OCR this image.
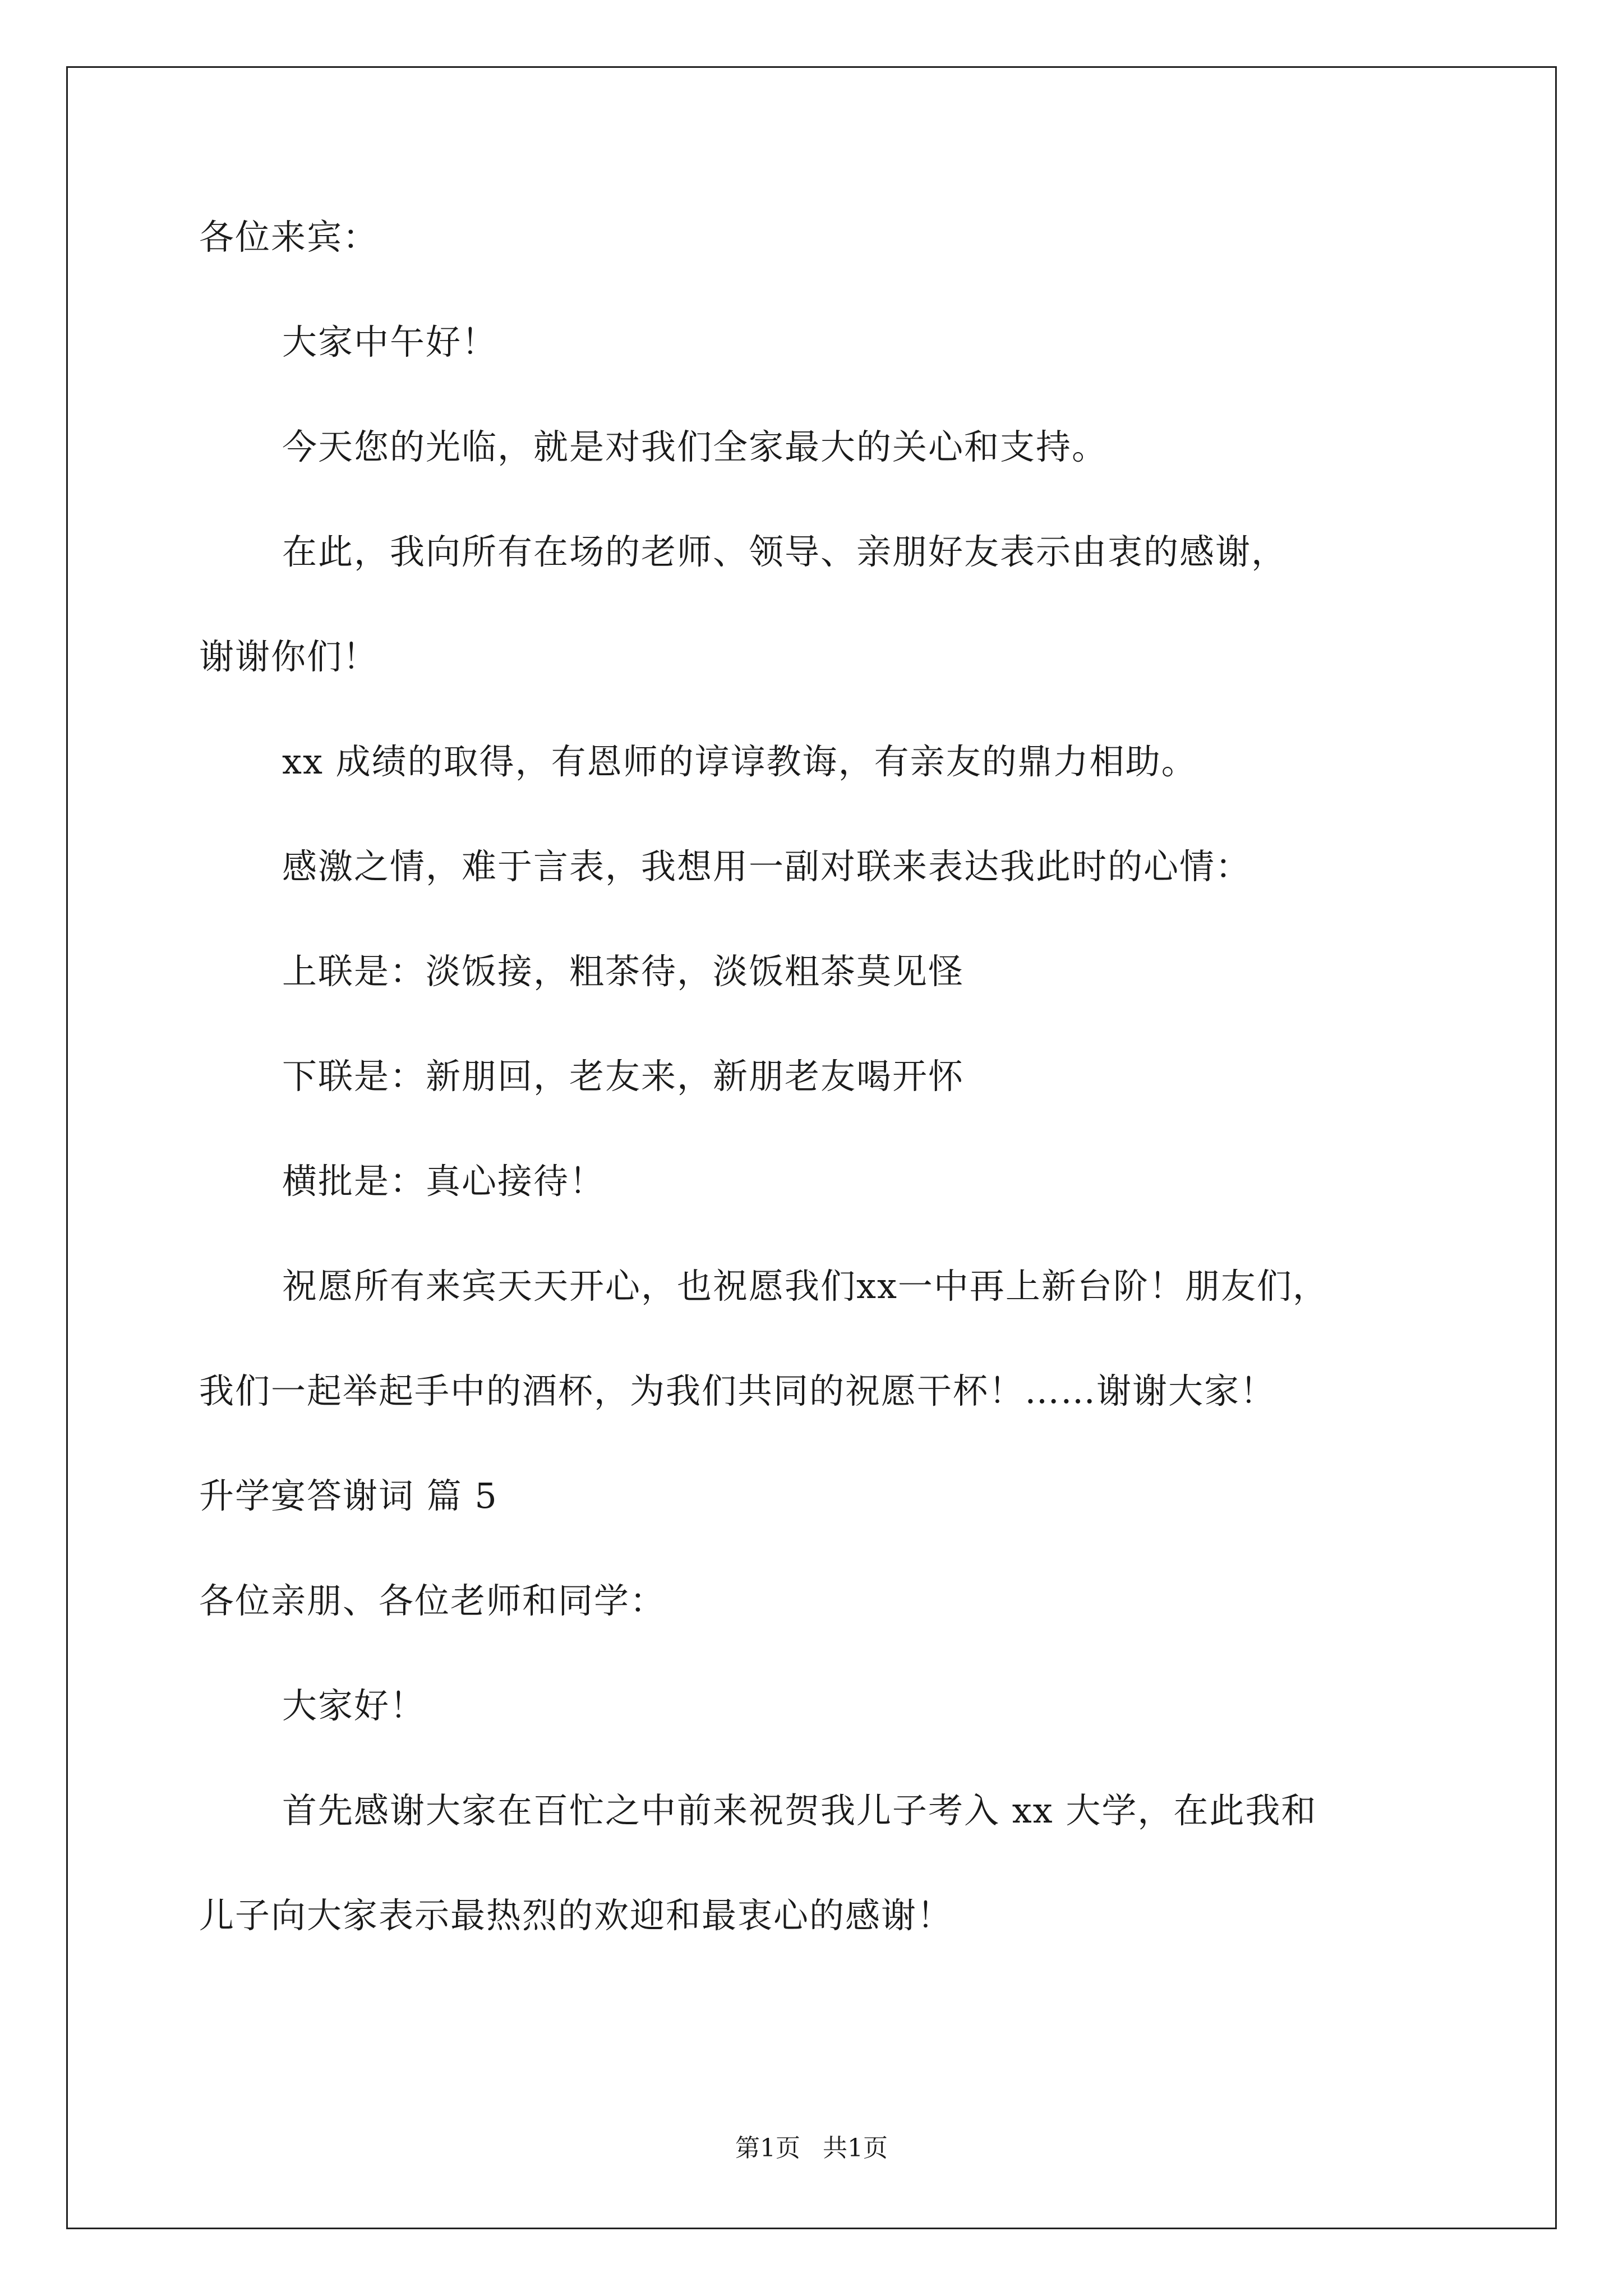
各位来宾：
大家中午好！
今天您的光临，就是对我们全家最大的关心和支持。
在此，我向所有在场的老师、领导、亲朋好友表示由衷的感谢，
谢谢你们！
xx 成绩的取得，有恩师的谆谆教诲，有亲友的鼎力相助。
感激之情，难于言表，我想用一副对联来表达我此时的心情：
上联是：淡饭接，粗茶待，淡饭粗茶莫见怪
下联是：新朋回，老友来，新朋老友喝开怀
横批是：真心接待！
祝愿所有来宾天天开心，也祝愿我们xx一中再上新台阶！朋友们，
我们一起举起手中的酒杯，为我们共同的祝愿干杯！……谢谢大家！
升学宴答谢词 篇 5
各位亲朋、各位老师和同学：
大家好！
首先感谢大家在百忙之中前来祝贺我儿子考入 xx 大学，在此我和
儿子向大家表示最热烈的欢迎和最衷心的感谢！
第1页 共1页
